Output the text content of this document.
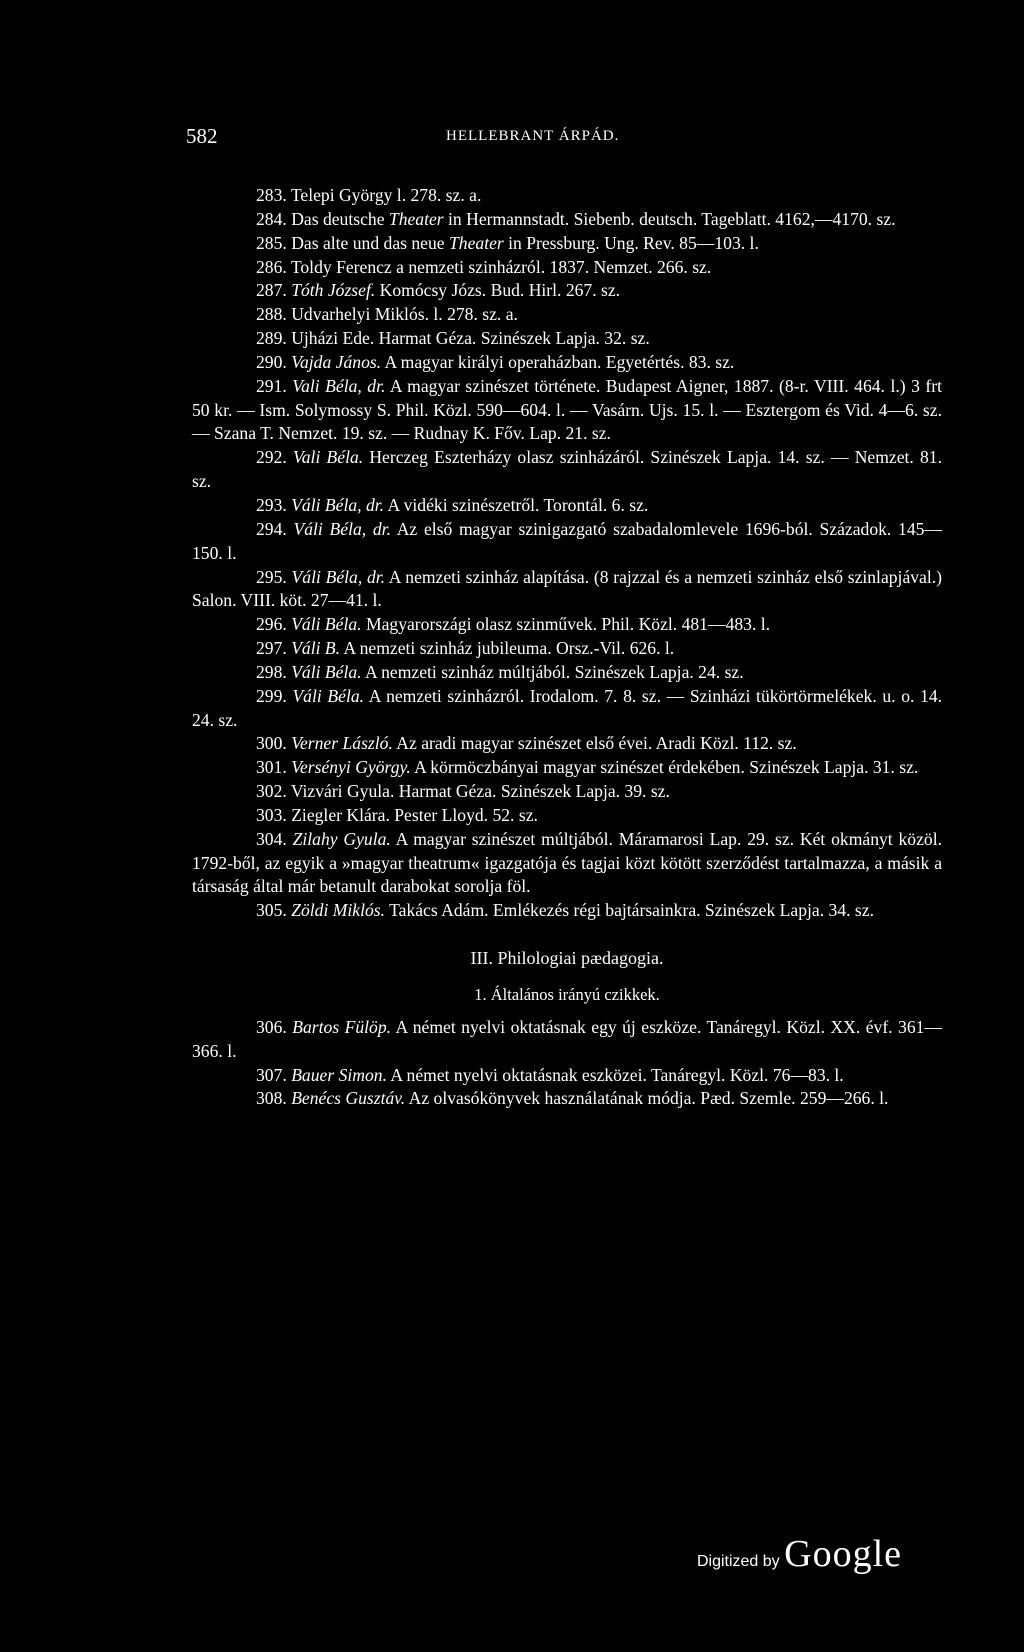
582	HELLEBRANT ÁRPÁD.

283. Telepi György l. 278. sz. a.

284. Das deutsche Theater in Hermannstadt. Siebenb. deutsch. Tageblatt. 4162,—4170. sz.

285. Das alte und das neue Theater in Pressburg. Ung. Rev. 85—103. l.

286. Toldy Ferencz a nemzeti szinházról. 1837. Nemzet. 266. sz.

287. Tóth József. Komócsy Józs. Bud. Hirl. 267. sz.

288. Udvarhelyi Miklós. l. 278. sz. a.

289. Ujházi Ede. Harmat Géza. Szinészek Lapja. 32. sz.

290. Vajda János. A magyar királyi operaházban. Egyetértés. 83. sz.

291. Vali Béla, dr. A magyar szinészet története. Budapest Aigner, 1887. (8-r. VIII. 464. l.) 3 frt 50 kr. — Ism. Solymossy S. Phil. Közl. 590—604. l. — Vasárn. Ujs. 15. l. — Esztergom és Vid. 4—6. sz. — Szana T. Nemzet. 19. sz. — Rudnay K. Főv. Lap. 21. sz.

292. Vali Béla. Herczeg Eszterházy olasz szinházáról. Szinészek Lapja. 14. sz. — Nemzet. 81. sz.

293. Váli Béla, dr. A vidéki szinészetről. Torontál. 6. sz.

294. Váli Béla, dr. Az első magyar szinigazgató szabadalomlevele 1696-ból. Századok. 145—150. l.

295. Váli Béla, dr. A nemzeti szinház alapítása. (8 rajzzal és a nemzeti szinház első szinlapjával.) Salon. VIII. köt. 27—41. l.

296. Váli Béla. Magyarországi olasz szinművek. Phil. Közl. 481—483. l.

297. Váli B. A nemzeti szinház jubileuma. Orsz.-Vil. 626. l.

298. Váli Béla. A nemzeti szinház múltjából. Szinészek Lapja. 24. sz.

299. Váli Béla. A nemzeti szinházról. Irodalom. 7. 8. sz. — Szinházi tükörtörmelékek. u. o. 14. 24. sz.

300. Verner László. Az aradi magyar szinészet első évei. Aradi Közl. 112. sz.

301. Versényi György. A körmöczbányai magyar szinészet érdekében. Szinészek Lapja. 31. sz.

302. Vizvári Gyula. Harmat Géza. Szinészek Lapja. 39. sz.

303. Ziegler Klára. Pester Lloyd. 52. sz.

304. Zilahy Gyula. A magyar szinészet múltjából. Máramarosi Lap. 29. sz. Két okmányt közöl. 1792-ből, az egyik a »magyar theatrum« igazgatója és tagjai közt kötött szerződést tartalmazza, a másik a társaság által már betanult darabokat sorolja föl.

305. Zöldi Miklós. Takács Adám. Emlékezés régi bajtársainkra. Szinészek Lapja. 34. sz.

III. Philologiai pædagogia.

1. Általános irányú czikkek.

306. Bartos Fülöp. A német nyelvi oktatásnak egy új eszköze. Tanáregyl. Közl. XX. évf. 361—366. l.

307. Bauer Simon. A német nyelvi oktatásnak eszközei. Tanáregyl. Közl. 76—83. l.

308. Benécs Gusztáv. Az olvasókönyvek használatának módja. Pæd. Szemle. 259—266. l.

Digitized by Google
